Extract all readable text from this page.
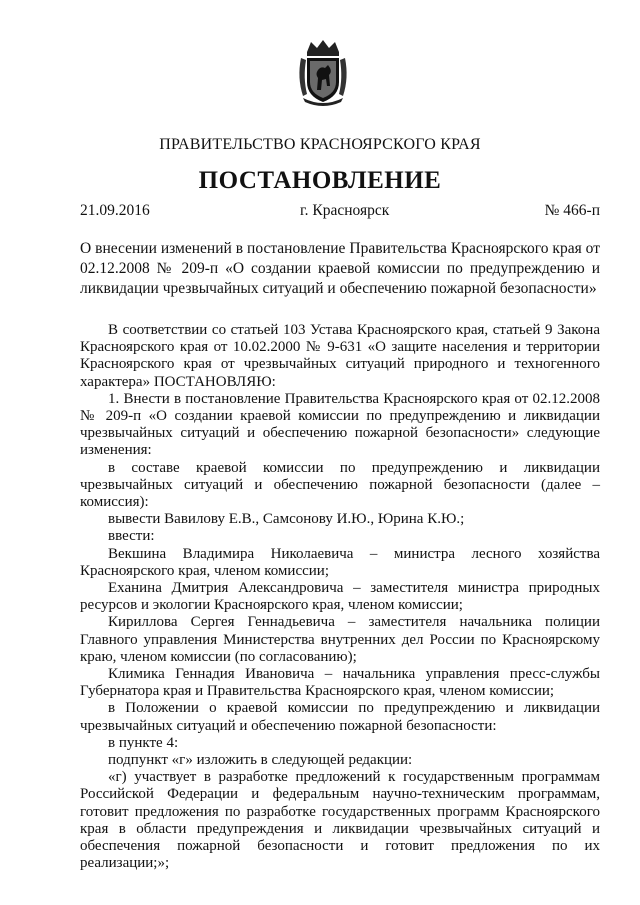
ПРАВИТЕЛЬСТВО КРАСНОЯРСКОГО КРАЯ
ПОСТАНОВЛЕНИЕ
21.09.2016	г. Красноярск	№ 466-п
О внесении изменений в постановление Правительства Красноярского края от 02.12.2008 № 209-п «О создании краевой комиссии по предупреждению и ликвидации чрезвычайных ситуаций и обеспечению пожарной безопасности»

В соответствии со статьей 103 Устава Красноярского края, статьей 9 Закона Красноярского края от 10.02.2000 № 9-631 «О защите населения и территории Красноярского края от чрезвычайных ситуаций природного и техногенного характера» ПОСТАНОВЛЯЮ:

1. Внести в постановление Правительства Красноярского края от 02.12.2008 № 209-п «О создании краевой комиссии по предупреждению и ликвидации чрезвычайных ситуаций и обеспечению пожарной безопасности» следующие изменения:

в составе краевой комиссии по предупреждению и ликвидации чрезвычайных ситуаций и обеспечению пожарной безопасности (далее – комиссия):

вывести Вавилову Е.В., Самсонову И.Ю., Юрина К.Ю.;

ввести:

Векшина Владимира Николаевича – министра лесного хозяйства Красноярского края, членом комиссии;

Еханина Дмитрия Александровича – заместителя министра природных ресурсов и экологии Красноярского края, членом комиссии;

Кириллова Сергея Геннадьевича – заместителя начальника полиции Главного управления Министерства внутренних дел России по Красноярскому краю, членом комиссии (по согласованию);

Климика Геннадия Ивановича – начальника управления пресс-службы Губернатора края и Правительства Красноярского края, членом комиссии;

в Положении о краевой комиссии по предупреждению и ликвидации чрезвычайных ситуаций и обеспечению пожарной безопасности:

в пункте 4:

подпункт «г» изложить в следующей редакции:

«г) участвует в разработке предложений к государственным программам Российской Федерации и федеральным научно-техническим программам, готовит предложения по разработке государственных программ Красноярского края в области предупреждения и ликвидации чрезвычайных ситуаций и обеспечения пожарной безопасности и готовит предложения по их реализации;»;
